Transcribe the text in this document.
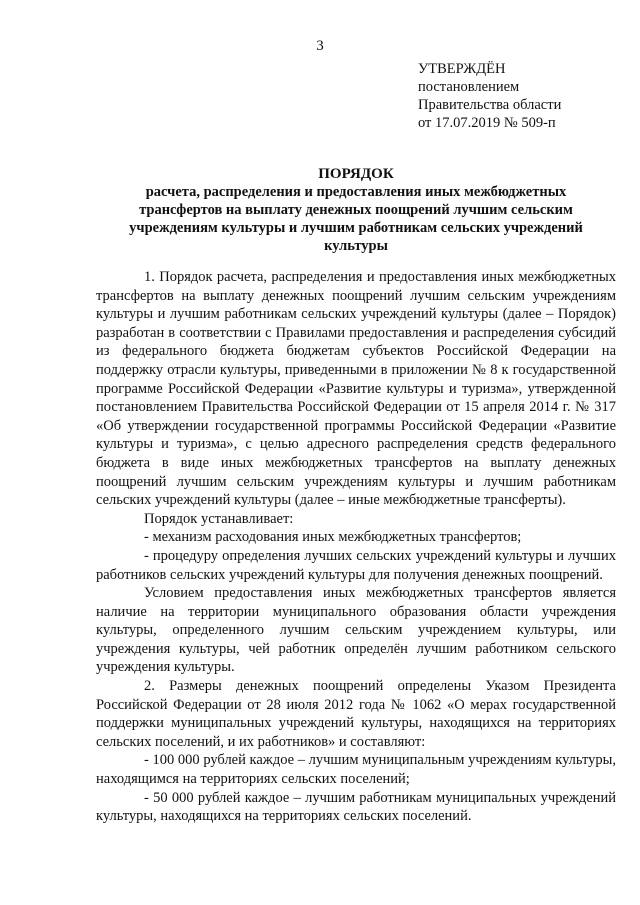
3
УТВЕРЖДЁН
постановлением
Правительства области
от 17.07.2019 № 509-п
ПОРЯДОК
расчета, распределения и предоставления иных межбюджетных
трансфертов на выплату денежных поощрений лучшим сельским
учреждениям культуры и лучшим работникам сельских учреждений
культуры

1. Порядок расчета, распределения и предоставления иных межбюджетных трансфертов на выплату денежных поощрений лучшим сельским учреждениям культуры и лучшим работникам сельских учреждений культуры (далее – Порядок) разработан в соответствии с Правилами предоставления и распределения субсидий из федерального бюджета бюджетам субъектов Российской Федерации на поддержку отрасли культуры, приведенными в приложении № 8 к государственной программе Российской Федерации «Развитие культуры и туризма», утвержденной постановлением Правительства Российской Федерации от 15 апреля 2014 г. № 317 «Об утверждении государственной программы Российской Федерации «Развитие культуры и туризма», с целью адресного распределения средств федерального бюджета в виде иных межбюджетных трансфертов на выплату денежных поощрений лучшим сельским учреждениям культуры и лучшим работникам сельских учреждений культуры (далее – иные межбюджетные трансферты).

Порядок устанавливает:

- механизм расходования иных межбюджетных трансфертов;

- процедуру определения лучших сельских учреждений культуры и лучших работников сельских учреждений культуры для получения денежных поощрений.

Условием предоставления иных межбюджетных трансфертов является наличие на территории муниципального образования области учреждения культуры, определенного лучшим сельским учреждением культуры, или учреждения культуры, чей работник определён лучшим работником сельского учреждения культуры.

2. Размеры денежных поощрений определены Указом Президента Российской Федерации от 28 июля 2012 года № 1062 «О мерах государственной поддержки муниципальных учреждений культуры, находящихся на территориях сельских поселений, и их работников» и составляют:

- 100 000 рублей каждое – лучшим муниципальным учреждениям культуры, находящимся на территориях сельских поселений;

- 50 000 рублей каждое – лучшим работникам муниципальных учреждений культуры, находящихся на территориях сельских поселений.
